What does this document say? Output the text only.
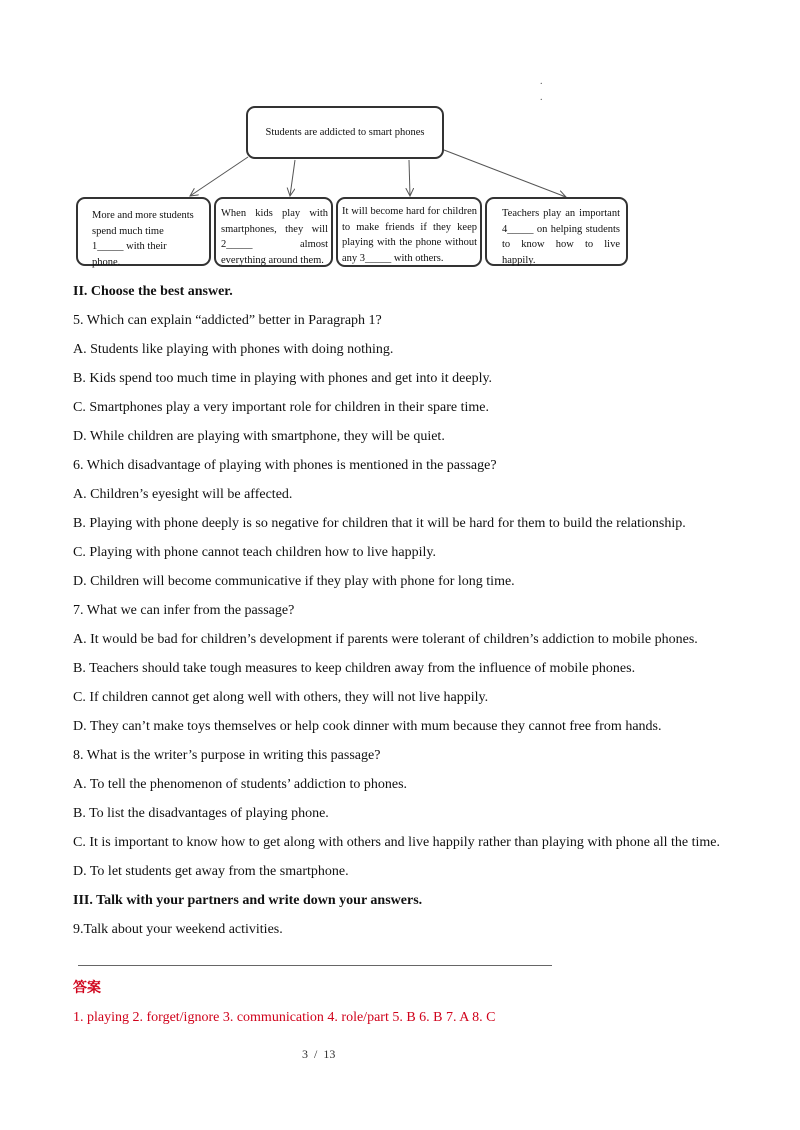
.
.
Students are addicted to smart phones
More and more students spend much time 1_____ with their phone.
When kids play with smartphones, they will 2_____ almost everything around them.
It will become hard for children to make friends if they keep playing with the phone without any 3_____ with others.
Teachers play an important 4_____ on helping students to know how to live happily.
II. Choose the best answer.
5. Which can explain “addicted” better in Paragraph 1?
A. Students like playing with phones with doing nothing.
B. Kids spend too much time in playing with phones and get into it deeply.
C. Smartphones play a very important role for children in their spare time.
D. While children are playing with smartphone, they will be quiet.
6. Which disadvantage of playing with phones is mentioned in the passage?
A. Children’s eyesight will be affected.
B. Playing with phone deeply is so negative for children that it will be hard for them to build the relationship.
C. Playing with phone cannot teach children how to live happily.
D. Children will become communicative if they play with phone for long time.
7. What we can infer from the passage?
A. It would be bad for children’s development if parents were tolerant of children’s addiction to mobile phones.
B. Teachers should take tough measures to keep children away from the influence of mobile phones.
C. If children cannot get along well with others, they will not live happily.
D. They can’t make toys themselves or help cook dinner with mum because they cannot free from hands.
8. What is the writer’s purpose in writing this passage?
A. To tell the phenomenon of students’ addiction to phones.
B. To list the disadvantages of playing phone.
C. It is important to know how to get along with others and live happily rather than playing with phone all the time.
D. To let students get away from the smartphone.
III. Talk with your partners and write down your answers.
9.Talk about your weekend activities.
答案
1. playing 2. forget/ignore 3. communication 4. role/part 5. B 6. B 7. A 8. C
3  /  13
